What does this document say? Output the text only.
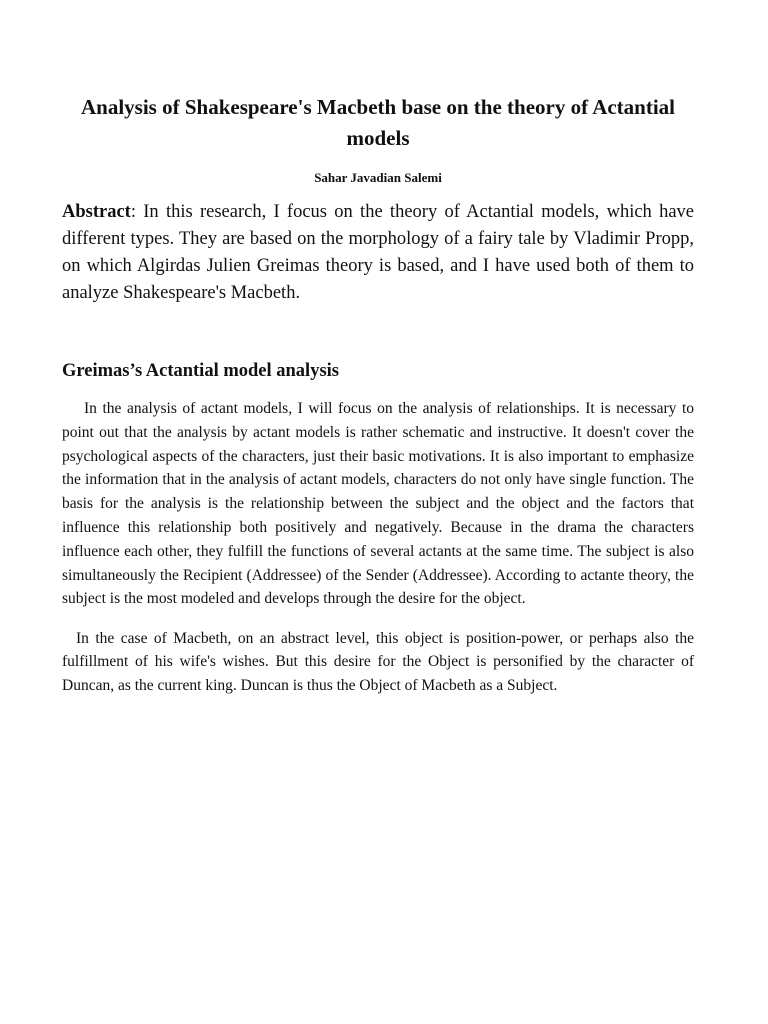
Analysis of Shakespeare's Macbeth base on the theory of Actantial models
Sahar Javadian Salemi
Abstract: In this research, I focus on the theory of Actantial models, which have different types. They are based on the morphology of a fairy tale by Vladimir Propp, on which Algirdas Julien Greimas theory is based, and I have used both of them to analyze Shakespeare's Macbeth.
Greimas’s Actantial model analysis

In the analysis of actant models, I will focus on the analysis of relationships. It is necessary to point out that the analysis by actant models is rather schematic and instructive. It doesn't cover the psychological aspects of the characters, just their basic motivations. It is also important to emphasize the information that in the analysis of actant models, characters do not only have single function. The basis for the analysis is the relationship between the subject and the object and the factors that influence this relationship both positively and negatively. Because in the drama the characters influence each other, they fulfill the functions of several actants at the same time. The subject is also simultaneously the Recipient (Addressee) of the Sender (Addressee). According to actante theory, the subject is the most modeled and develops through the desire for the object.

In the case of Macbeth, on an abstract level, this object is position-power, or perhaps also the fulfillment of his wife's wishes. But this desire for the Object is personified by the character of Duncan, as the current king. Duncan is thus the Object of Macbeth as a Subject.
